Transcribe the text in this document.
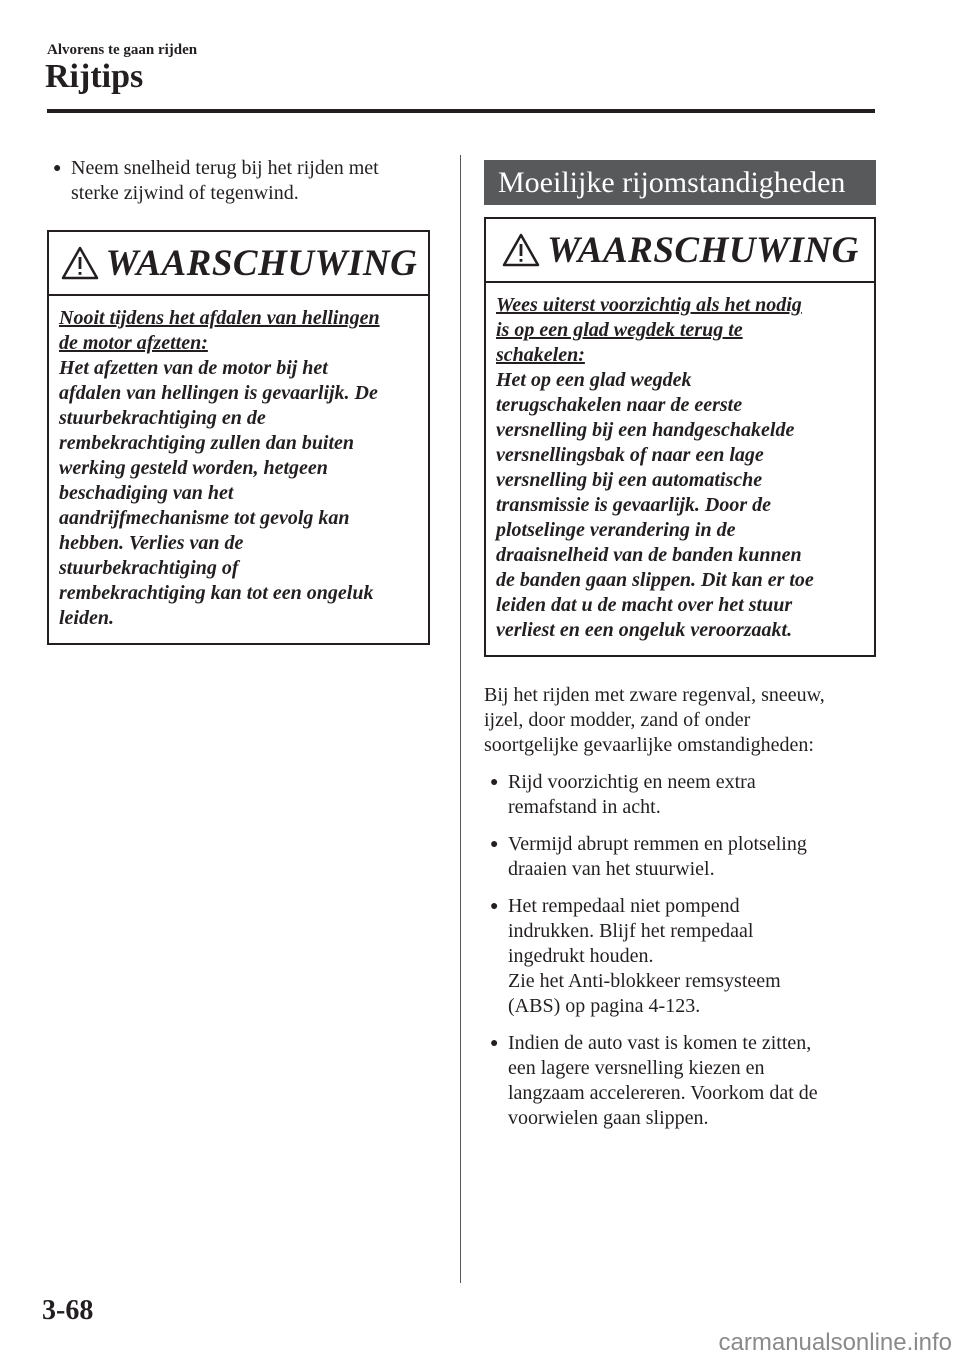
Alvorens te gaan rijden
Rijtips
● Neem snelheid terug bij het rijden met
sterke zijwind of tegenwind.
WAARSCHUWING
Nooit tijdens het afdalen van hellingen
de motor afzetten:
Het afzetten van de motor bij het
afdalen van hellingen is gevaarlijk. De
stuurbekrachtiging en de
rembekrachtiging zullen dan buiten
werking gesteld worden, hetgeen
beschadiging van het
aandrijfmechanisme tot gevolg kan
hebben. Verlies van de
stuurbekrachtiging of
rembekrachtiging kan tot een ongeluk
leiden.
Moeilijke rijomstandigheden
WAARSCHUWING
Wees uiterst voorzichtig als het nodig
is op een glad wegdek terug te
schakelen:
Het op een glad wegdek
terugschakelen naar de eerste
versnelling bij een handgeschakelde
versnellingsbak of naar een lage
versnelling bij een automatische
transmissie is gevaarlijk. Door de
plotselinge verandering in de
draaisnelheid van de banden kunnen
de banden gaan slippen. Dit kan er toe
leiden dat u de macht over het stuur
verliest en een ongeluk veroorzaakt.
Bij het rijden met zware regenval, sneeuw,
ijzel, door modder, zand of onder
soortgelijke gevaarlijke omstandigheden:
● Rijd voorzichtig en neem extra
remafstand in acht.
● Vermijd abrupt remmen en plotseling
draaien van het stuurwiel.
● Het rempedaal niet pompend
indrukken. Blijf het rempedaal
ingedrukt houden.
Zie het Anti-blokkeer remsysteem
(ABS) op pagina 4-123.
● Indien de auto vast is komen te zitten,
een lagere versnelling kiezen en
langzaam accelereren. Voorkom dat de
voorwielen gaan slippen.
3-68
carmanualsonline.info
